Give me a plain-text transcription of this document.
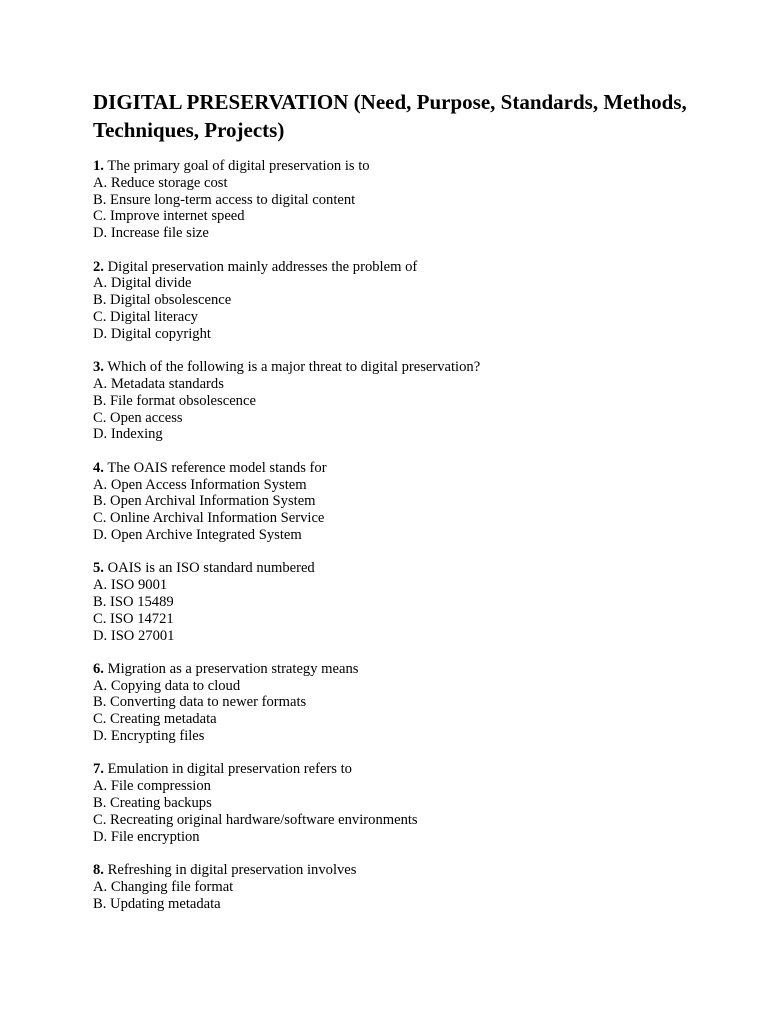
DIGITAL PRESERVATION (Need, Purpose, Standards, Methods, Techniques, Projects)

1. The primary goal of digital preservation is to

A. Reduce storage cost

B. Ensure long-term access to digital content

C. Improve internet speed

D. Increase file size

2. Digital preservation mainly addresses the problem of

A. Digital divide

B. Digital obsolescence

C. Digital literacy

D. Digital copyright

3. Which of the following is a major threat to digital preservation?

A. Metadata standards

B. File format obsolescence

C. Open access

D. Indexing

4. The OAIS reference model stands for

A. Open Access Information System

B. Open Archival Information System

C. Online Archival Information Service

D. Open Archive Integrated System

5. OAIS is an ISO standard numbered

A. ISO 9001

B. ISO 15489

C. ISO 14721

D. ISO 27001

6. Migration as a preservation strategy means

A. Copying data to cloud

B. Converting data to newer formats

C. Creating metadata

D. Encrypting files

7. Emulation in digital preservation refers to

A. File compression

B. Creating backups

C. Recreating original hardware/software environments

D. File encryption

8. Refreshing in digital preservation involves

A. Changing file format

B. Updating metadata
